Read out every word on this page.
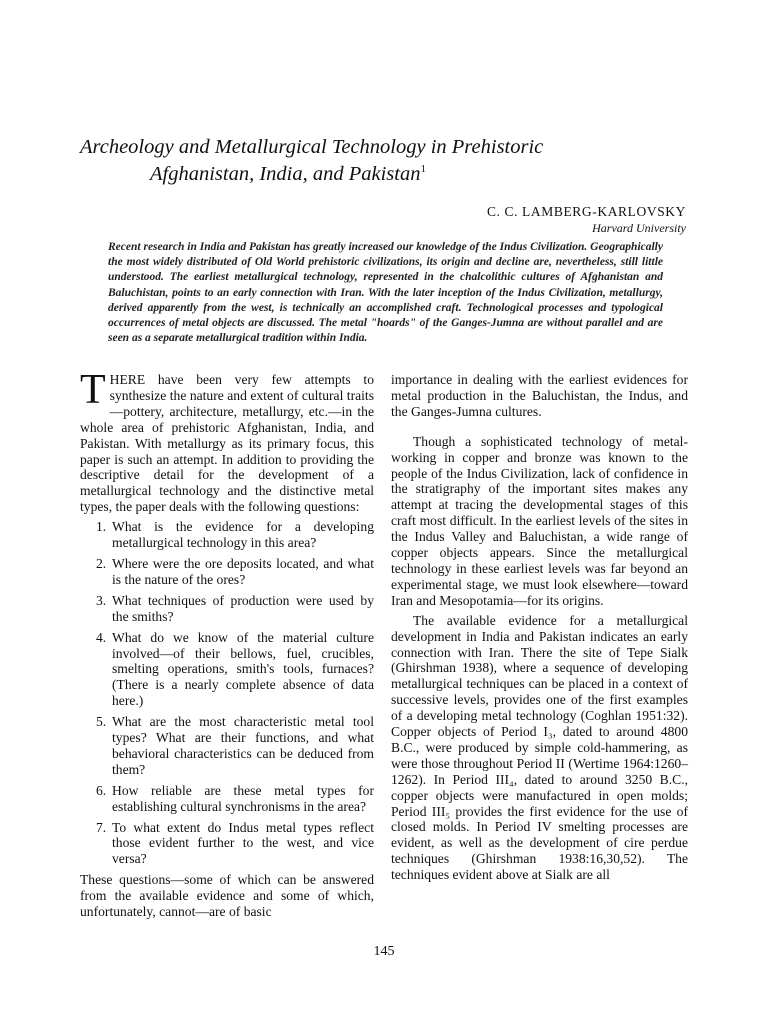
Archeology and Metallurgical Technology in Prehistoric
Afghanistan, India, and Pakistan$^1$
C. C. LAMBERG-KARLOVSKY
Harvard University

Recent research in India and Pakistan has greatly increased our knowledge of the Indus Civilization. Geographically the most widely distributed of Old World prehistoric civilizations, its origin and decline are, nevertheless, still little understood. The earliest metallurgical technology, represented in the chalcolithic cultures of Afghanistan and Baluchistan, points to an early connection with Iran. With the later inception of the Indus Civilization, metallurgy, derived apparently from the west, is technically an accomplished craft. Technological processes and typological occurrences of metal objects are discussed. The metal "hoards" of the Ganges-Jumna are without parallel and are seen as a separate metallurgical tradition within India.

THERE have been very few attempts to synthesize the nature and extent of cultural traits—pottery, architecture, metallurgy, etc.—in the whole area of prehistoric Afghanistan, India, and Pakistan. With metallurgy as its primary focus, this paper is such an attempt. In addition to providing the descriptive detail for the development of a metallurgical technology and the distinctive metal types, the paper deals with the following questions:

1. What is the evidence for a developing metallurgical technology in this area?
2. Where were the ore deposits located, and what is the nature of the ores?
3. What techniques of production were used by the smiths?
4. What do we know of the material culture involved—of their bellows, fuel, crucibles, smelting operations, smith's tools, furnaces? (There is a nearly complete absence of data here.)
5. What are the most characteristic metal tool types? What are their functions, and what behavioral characteristics can be deduced from them?
6. How reliable are these metal types for establishing cultural synchronisms in the area?
7. To what extent do Indus metal types reflect those evident further to the west, and vice versa?

These questions—some of which can be answered from the available evidence and some of which, unfortunately, cannot—are of basic

importance in dealing with the earliest evidences for metal production in the Baluchistan, the Indus, and the Ganges-Jumna cultures.

Though a sophisticated technology of metal-working in copper and bronze was known to the people of the Indus Civilization, lack of confidence in the stratigraphy of the important sites makes any attempt at tracing the developmental stages of this craft most difficult. In the earliest levels of the sites in the Indus Valley and Baluchistan, a wide range of copper objects appears. Since the metallurgical technology in these earliest levels was far beyond an experimental stage, we must look elsewhere—toward Iran and Mesopotamia—for its origins.

The available evidence for a metallurgical development in India and Pakistan indicates an early connection with Iran. There the site of Tepe Sialk (Ghirshman 1938), where a sequence of developing metallurgical techniques can be placed in a context of successive levels, provides one of the first examples of a developing metal technology (Coghlan 1951:32). Copper objects of Period I₃, dated to around 4800 B.C., were produced by simple cold-hammering, as were those throughout Period II (Wertime 1964:1260–1262). In Period III₄, dated to around 3250 B.C., copper objects were manufactured in open molds; Period III₅ provides the first evidence for the use of closed molds. In Period IV smelting processes are evident, as well as the development of cire perdue techniques (Ghirshman 1938:16,30,52). The techniques evident above at Sialk are all

145
